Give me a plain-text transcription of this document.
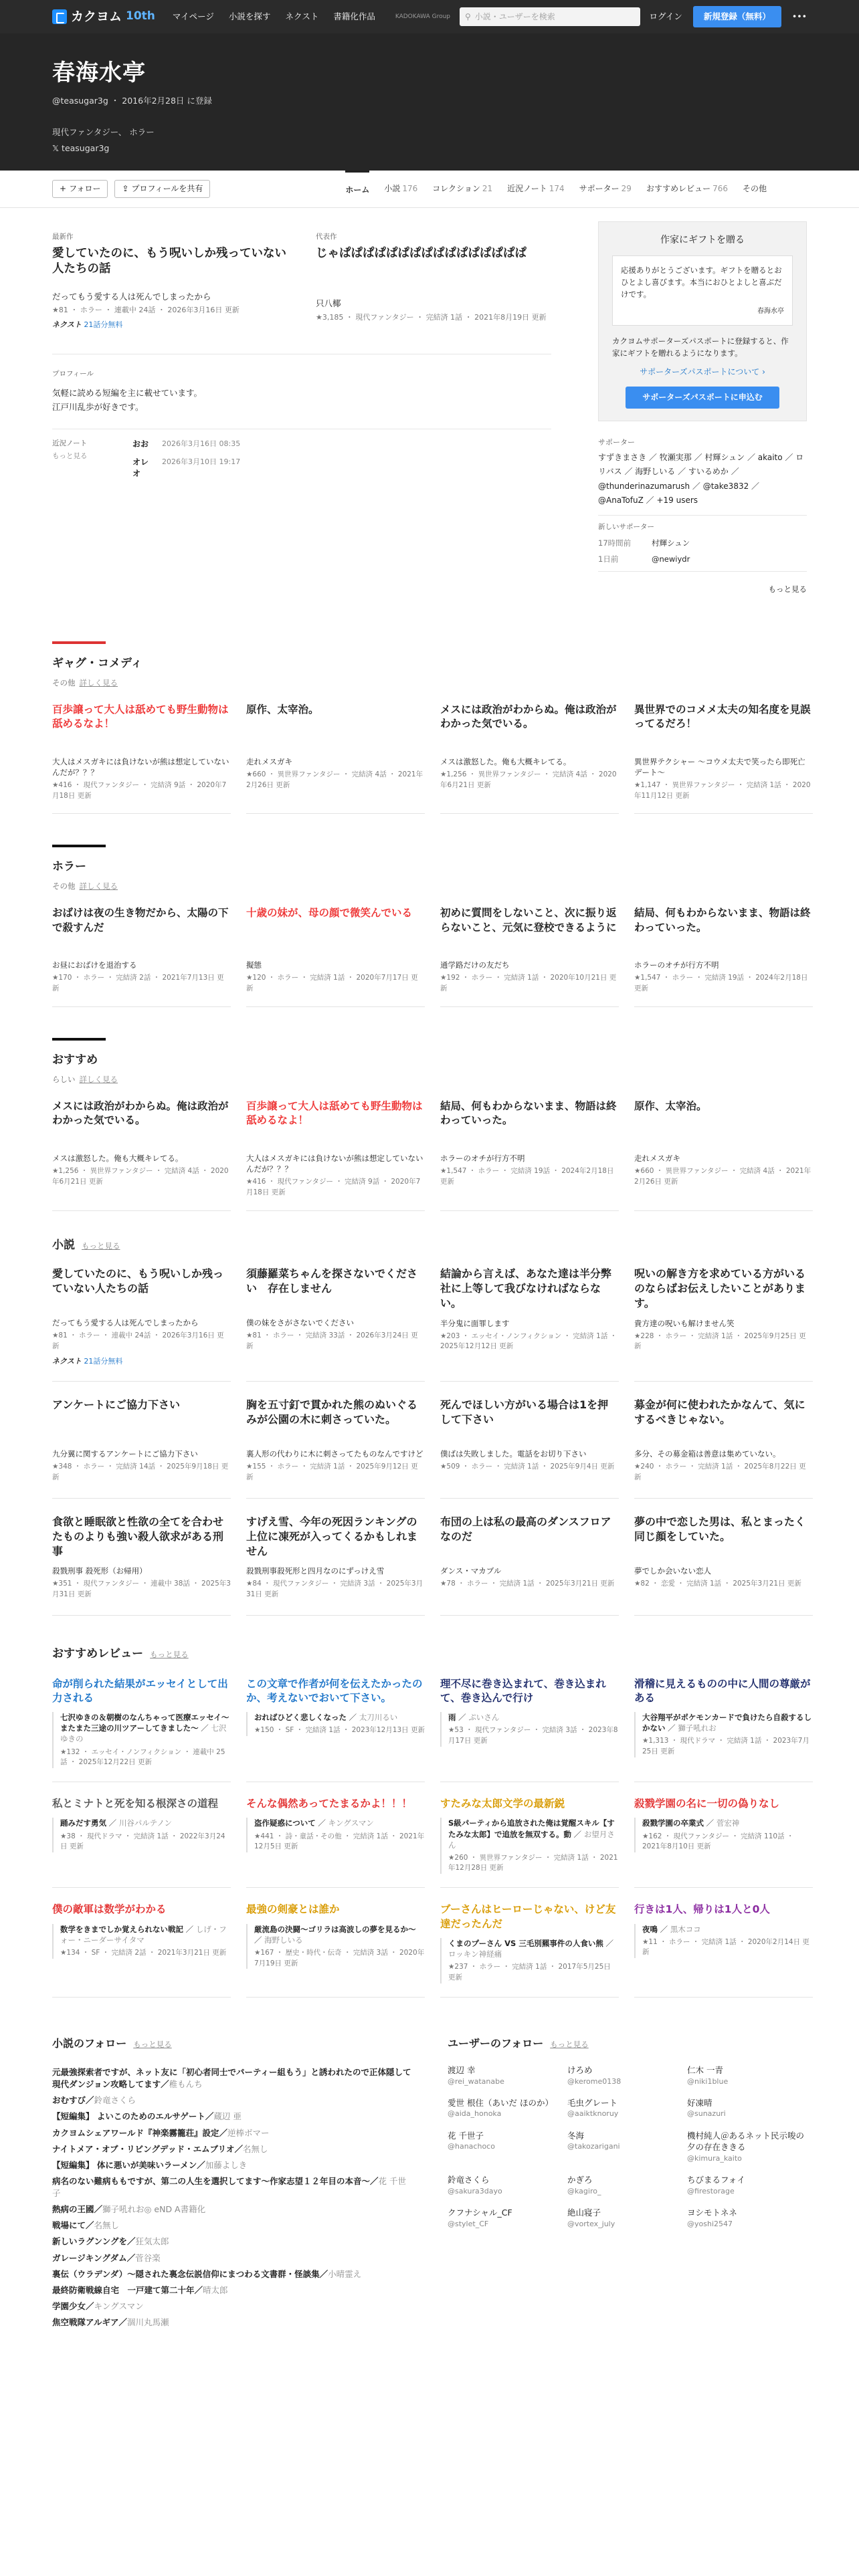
カクヨム 10th マイページ 小説を探す ネクスト 書籍化作品	KADOKAWA Group ⚲ 小説・ユーザーを検索	ログイン	新規登録（無料）	•••
春海水亭
@teasugar3g ・ 2016年2月28日 に登録
現代ファンタジー、 ホラー
𝕏 teasugar3g
+ フォロー	⇪ プロフィールを共有	ホーム 小説 176 コレクション 21 近況ノート 174 サポーター 29 おすすめレビュー 766 その他
最新作
愛していたのに、もう呪いしか残っていない人たちの話
だってもう愛する人は死んでしまったから
★81 ・ ホラー ・ 連載中 24話 ・ 2026年3月16日 更新
ネクスト 21話分無料
代表作
じゃぱぱぱぱぱぱぱぱぱぱぱぱぱぱぱぱ
只八椰
★3,185 ・ 現代ファンタジー ・ 完結済 1話 ・ 2021年8月19日 更新
プロフィール

気軽に読める短編を主に載せています。

江戸川乱歩が好きです。

近況ノート
もっと見る
おお	2026年3月16日 08:35
オレオ
2026年3月10日 19:17
作家にギフトを贈る
応援ありがとうございます。ギフトを贈るとおひとよし喜びます。本当におひとよしと喜ぶだけです。
春海水亭
カクヨムサポーターズパスポートに登録すると、作家にギフトを贈れるようになります。
サポーターズパスポートについて ›
サポーターズパスポートに申込む
サポーター
すずきまさき ／ 牧瀬実那 ／ 村輝シュン ／ akaito ／ ロリバス ／ 海野しいる ／ すいるめか ／ @thunderinazumarush ／ @take3832 ／ @AnaTofuZ ／ +19 users
新しいサポーター
17時間前	村輝シュン
1日前	@newiydr
もっと見る
ギャグ・コメディ
その他 詳しく見る
百歩譲って大人は舐めても野生動物は舐めるなよ！
大人はメスガキには負けないが熊は想定していないんだが？？？
★416 ・ 現代ファンタジー ・ 完結済 9話 ・ 2020年7月18日 更新
原作、太宰治。
走れメスガキ
★660 ・ 異世界ファンタジー ・ 完結済 4話 ・ 2021年2月26日 更新
メスには政治がわからぬ。俺は政治がわかった気でいる。
メスは激怒した。俺も大概キレてる。
★1,256 ・ 異世界ファンタジー ・ 完結済 4話 ・ 2020年6月21日 更新
異世界でのコメメ太夫の知名度を見誤ってるだろ！
異世界テクシャー 〜コウメ太夫で笑ったら即死亡デート〜
★1,147 ・ 異世界ファンタジー ・ 完結済 1話 ・ 2020年11月12日 更新
ホラー
その他 詳しく見る
おばけは夜の生き物だから、太陽の下で殺すんだ
お昼におばけを退治する
★170 ・ ホラー ・ 完結済 2話 ・ 2021年7月13日 更新
十歳の妹が、母の顔で微笑んでいる
擬態
★120 ・ ホラー ・ 完結済 1話 ・ 2020年7月17日 更新
初めに質問をしないこと、次に振り返らないこと、元気に登校できるように
通学路だけの友だち
★192 ・ ホラー ・ 完結済 1話 ・ 2020年10月21日 更新
結局、何もわからないまま、物語は終わっていった。
ホラーのオチが行方不明
★1,547 ・ ホラー ・ 完結済 19話 ・ 2024年2月18日 更新
おすすめ
らしい 詳しく見る
メスには政治がわからぬ。俺は政治がわかった気でいる。
メスは激怒した。俺も大概キレてる。
★1,256 ・ 異世界ファンタジー ・ 完結済 4話 ・ 2020年6月21日 更新
百歩譲って大人は舐めても野生動物は舐めるなよ！
大人はメスガキには負けないが熊は想定していないんだが？？？
★416 ・ 現代ファンタジー ・ 完結済 9話 ・ 2020年7月18日 更新
結局、何もわからないまま、物語は終わっていった。
ホラーのオチが行方不明
★1,547 ・ ホラー ・ 完結済 19話 ・ 2024年2月18日 更新
原作、太宰治。
走れメスガキ
★660 ・ 異世界ファンタジー ・ 完結済 4話 ・ 2021年2月26日 更新
小説 もっと見る
愛していたのに、もう呪いしか残っていない人たちの話
だってもう愛する人は死んでしまったから
★81 ・ ホラー ・ 連載中 24話 ・ 2026年3月16日 更新
ネクスト 21話分無料
須藤羅菜ちゃんを探さないでください　存在しません
僕の妹をさがさないでください
★81 ・ ホラー ・ 完結済 33話 ・ 2026年3月24日 更新
結論から言えば、あなた達は半分弊社に上等して我びなければならない。
半分鬼に面罪します
★203 ・ エッセイ・ノンフィクション ・ 完結済 1話 ・ 2025年12月12日 更新
呪いの解き方を求めている方がいるのならばお伝えしたいことがあります。
貴方達の呪いも解けません笑
★228 ・ ホラー ・ 完結済 1話 ・ 2025年9月25日 更新
アンケートにご協力下さい
九分翼に関するアンケートにご協力下さい
★348 ・ ホラー ・ 完結済 14話 ・ 2025年9月18日 更新
胸を五寸釘で貫かれた熊のぬいぐるみが公園の木に刺さっていた。
裏人形の代わりに木に刺さってたものなんですけど
★155 ・ ホラー ・ 完結済 1話 ・ 2025年9月12日 更新
死んでほしい方がいる場合は1を押して下さい
僕ばは失敗しました。電話をお切り下さい
★509 ・ ホラー ・ 完結済 1話 ・ 2025年9月4日 更新
募金が何に使われたかなんて、気にするべきじゃない。
多分、その募金箱は善意は集めていない。
★240 ・ ホラー ・ 完結済 1話 ・ 2025年8月22日 更新
食欲と睡眠欲と性欲の全てを合わせたものよりも強い殺人欲求がある刑事
殺戮刑事 殺死形（お帰用）
★351 ・ 現代ファンタジー ・ 連載中 38話 ・ 2025年3月31日 更新
すげえ雪、今年の死因ランキングの上位に凍死が入ってくるかもしれません
殺戮刑事殺死形と四月なのにずっけえ雪
★84 ・ 現代ファンタジー ・ 完結済 3話 ・ 2025年3月31日 更新
布団の上は私の最高のダンスフロアなのだ
ダンス・マカブル
★78 ・ ホラー ・ 完結済 1話 ・ 2025年3月21日 更新
夢の中で恋した男は、私とまったく同じ顔をしていた。
夢でしか会いない恋人
★82 ・ 恋愛 ・ 完結済 1話 ・ 2025年3月21日 更新
おすすめレビュー もっと見る
命が削られた結果がエッセイとして出力される
七沢ゆきの＆朝樹のなんちゃって医療エッセイ〜またまた三途の川ツアーしてきました〜 ／ 七沢ゆきの
★132 ・ エッセイ・ノンフィクション ・ 連載中 25話 ・ 2025年12月22日 更新
この文章で作者が何を伝えたかったのか、考えないでおいて下さい。
おればひどく悲しくなった ／ 太刀川るい
★150 ・ SF ・ 完結済 1話 ・ 2023年12月13日 更新
理不尽に巻き込まれて、巻き込まれて、巻き込んで行け
雨 ／ ぷいさん
★53 ・ 現代ファンタジー ・ 完結済 3話 ・ 2023年8月17日 更新
滑稽に見えるものの中に人間の尊厳がある
大谷翔平がポケモンカードで負けたら自殺するしかない ／ 獅子吼れお
★1,313 ・ 現代ドラマ ・ 完結済 1話 ・ 2023年7月25日 更新
私とミナトと死を知る根深さの道程
踊みだす勇気 ／ 川谷パルテノン
★38 ・ 現代ドラマ ・ 完結済 1話 ・ 2022年3月24日 更新
そんな偶然あってたまるかよ！！！
盗作疑惑について ／ キングスマン
★441 ・ 詩・童話・その他 ・ 完結済 1話 ・ 2021年12月5日 更新
すたみな太郎文学の最新鋭
S級パーティから追放された俺は覚醒スキル【すたみな太郎】で追放を無双する。動 ／ お望月さん
★260 ・ 異世界ファンタジー ・ 完結済 1話 ・ 2021年12月28日 更新
殺戮学園の名に一切の偽りなし
殺戮学園の卒業式 ／ 菅宏神
★162 ・ 現代ファンタジー ・ 完結済 110話 ・ 2021年8月10日 更新
僕の敵軍は数学がわかる
数学をきまでしか覚えられない戦記 ／ しげ・フォー・ニーダーサイタマ
★134 ・ SF ・ 完結済 2話 ・ 2021年3月21日 更新
最強の剣豪とは誰か
厳流島の決闘〜ゴリラは高波しの夢を見るか〜 ／ 海野しいる
★167 ・ 歴史・時代・伝奇 ・ 完結済 3話 ・ 2020年7月19日 更新
ブーさんはヒーローじゃない、けど友達だったんだ
くまのプーさん VS 三毛別羆事件の人食い熊 ／ ロッキン神経痛
★237 ・ ホラー ・ 完結済 1話 ・ 2017年5月25日 更新
行きは1人、帰りは1人と0人
夜鳴 ／ 黒木ココ
★11 ・ ホラー ・ 完結済 1話 ・ 2020年2月14日 更新
小説のフォロー もっと見る
元最強探索者ですが、ネット友に「初心者同士でパーティー組もう」と誘われたので正体隠して現代ダンジョン攻略してます／稚もんち
おむすび／鈴竜さくら
【短編集】 よいこのためのエルサゲート／蔵辺 亜
カクヨムシェアワールド『神楽霧籠荘』設定／逆棒ボマー
ナイトメア・オブ・リビングデッド・エムブリオ／名無し
【短編集】 体に悪いが美味いラーメン／加藤よしき
病名のない難病ももですが、第二の人生を選択してます〜作家志望１２年目の本音〜／花 千世子
熱病の王國／獅子吼れお◎ eND A書籍化
戦場にて／名無し
新しいラグンングを／狂気太郎
ガレージキングダム／菅谷楽
裏伝（ウラデンダ）〜隠された裏念伝説信仰にまつわる文書群・怪談集／小晴霊え
最終防衛戦線自宅　一戸建て第二十年／晴太郎
学園少女／キングスマン
焦空戦隊アルギア／涸川丸馬瀬
ユーザーのフォロー もっと見る
渡辺 幸
@rei_watanabe
けろめ
@kerome0138
仁木 一青
@niki1blue
愛世 根住（あいだ ほのか）
@aida_honoka
毛虫グレート
@aaiktknoruy
好凍晴
@sunazuri
花 千世子
@hanachoco
冬海
@takozarigani
機村純人＠あるネット民示唆の夕の存在ききる
@kimura_kaito
鈴竜さくら
@sakura3dayo
かぎろ
@kagiro_
ちびまるフォイ
@firestorage
クフナシャル_CF
@stylet_CF
絶山寝子
@vortex_july
ヨシモトネネ
@yoshi2547
